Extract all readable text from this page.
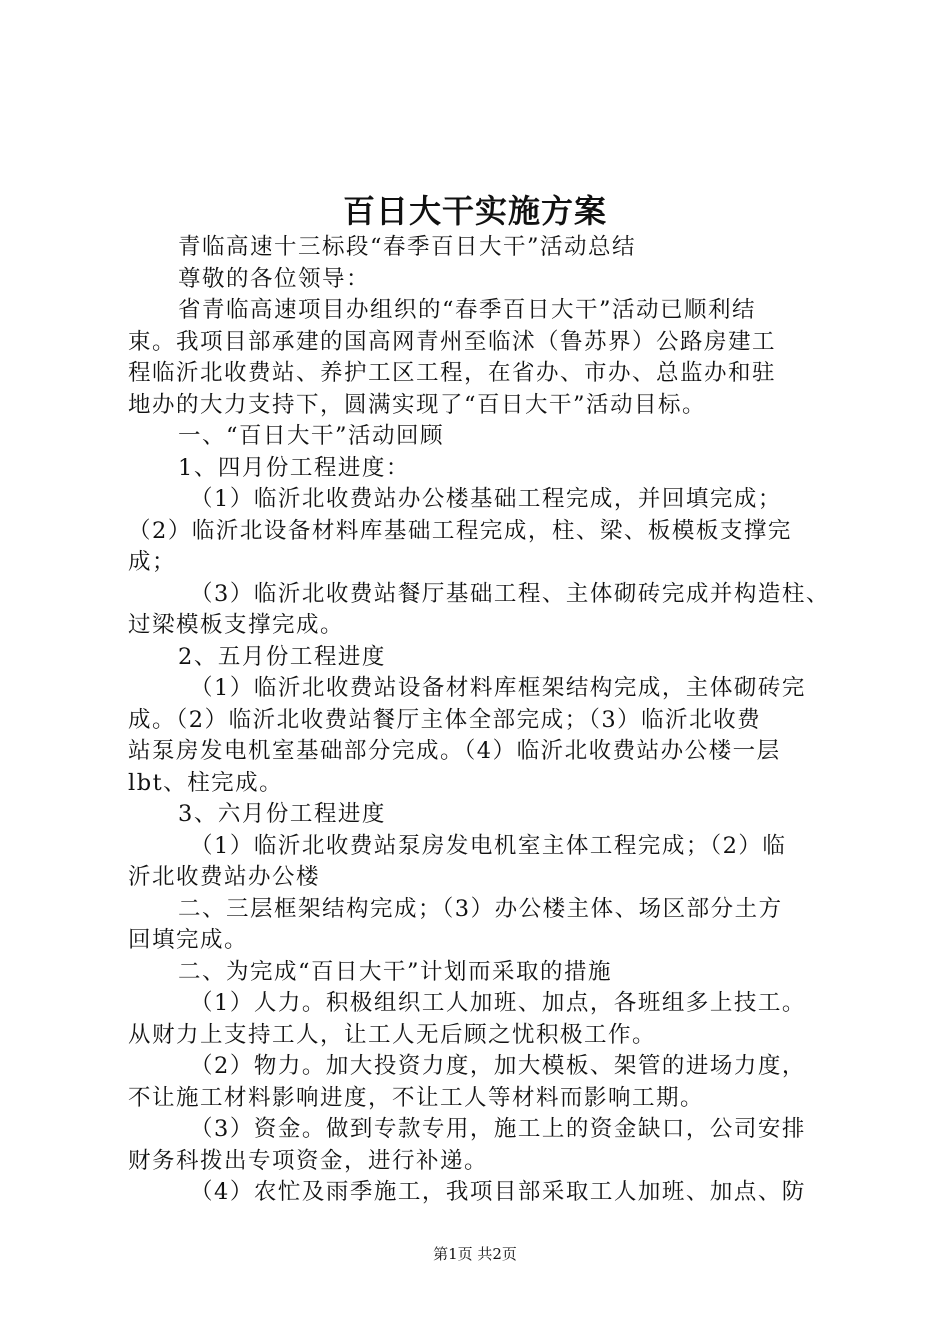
百日大干实施方案
青临高速十三标段“春季百日大干”活动总结
尊敬的各位领导：
省青临高速项目办组织的“春季百日大干”活动已顺利结
束。我项目部承建的国高网青州至临沭（鲁苏界）公路房建工
程临沂北收费站、养护工区工程，在省办、市办、总监办和驻
地办的大力支持下，圆满实现了“百日大干”活动目标。
一、“百日大干”活动回顾
1、四月份工程进度：
（1）临沂北收费站办公楼基础工程完成，并回填完成；
（2）临沂北设备材料库基础工程完成，柱、梁、板模板支撑完
成；
（3）临沂北收费站餐厅基础工程、主体砌砖完成并构造柱、
过梁模板支撑完成。
2、五月份工程进度
（1）临沂北收费站设备材料库框架结构完成，主体砌砖完
成。（2）临沂北收费站餐厅主体全部完成；（3）临沂北收费
站泵房发电机室基础部分完成。（4）临沂北收费站办公楼一层
lbt、柱完成。
3、六月份工程进度
（1）临沂北收费站泵房发电机室主体工程完成；（2）临
沂北收费站办公楼
二、三层框架结构完成；（3）办公楼主体、场区部分土方
回填完成。
二、为完成“百日大干”计划而采取的措施
（1）人力。积极组织工人加班、加点，各班组多上技工。
从财力上支持工人，让工人无后顾之忧积极工作。
（2）物力。加大投资力度，加大模板、架管的进场力度，
不让施工材料影响进度，不让工人等材料而影响工期。
（3）资金。做到专款专用，施工上的资金缺口，公司安排
财务科拨出专项资金，进行补递。
（4）农忙及雨季施工，我项目部采取工人加班、加点、防
第1页 共2页
